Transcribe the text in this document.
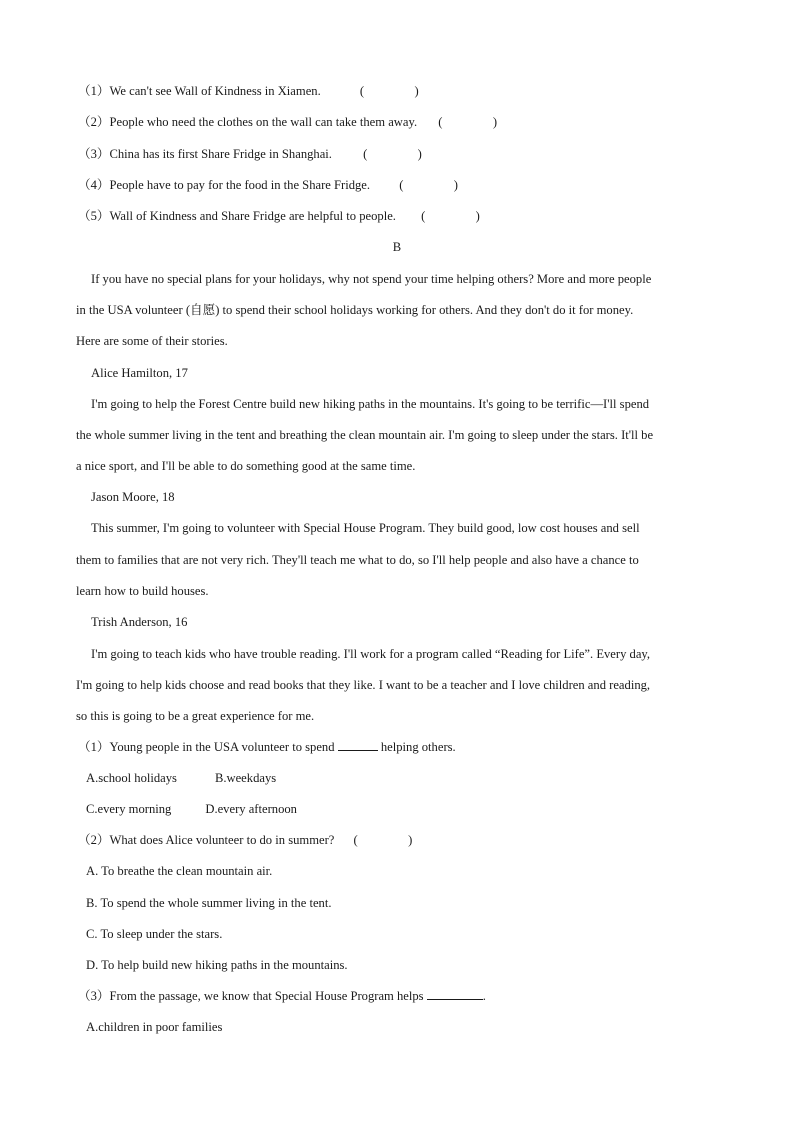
（1）We can't see Wall of Kindness in Xiamen.	(                )
（2）People who need the clothes on the wall can take them away. (                )
（3）China has its first Share Fridge in Shanghai. (                )
（4）People have to pay for the food in the Share Fridge. (                )
（5）Wall of Kindness and Share Fridge are helpful to people. (                )
B
If you have no special plans for your holidays, why not spend your time helping others? More and more people
in the USA volunteer (自愿) to spend their school holidays working for others. And they don't do it for money.
Here are some of their stories.
Alice Hamilton, 17
I'm going to help the Forest Centre build new hiking paths in the mountains. It's going to be terrific—I'll spend
the whole summer living in the tent and breathing the clean mountain air. I'm going to sleep under the stars. It'll be
a nice sport, and I'll be able to do something good at the same time.
Jason Moore, 18
This summer, I'm going to volunteer with Special House Program. They build good, low cost houses and sell
them to families that are not very rich. They'll teach me what to do, so I'll help people and also have a chance to
learn how to build houses.
Trish Anderson, 16
I'm going to teach kids who have trouble reading. I'll work for a program called “Reading for Life”. Every day,
I'm going to help kids choose and read books that they like. I want to be a teacher and I love children and reading,
so this is going to be a great experience for me.
（1）Young people in the USA volunteer to spend	helping others.
A.school holidays	B.weekdays
C.every morning	D.every afternoon
（2）What does Alice volunteer to do in summer? (                )
A. To breathe the clean mountain air.
B. To spend the whole summer living in the tent.
C. To sleep under the stars.
D. To help build new hiking paths in the mountains.
（3）From the passage, we know that Special House Program helps	.
A.children in poor families
